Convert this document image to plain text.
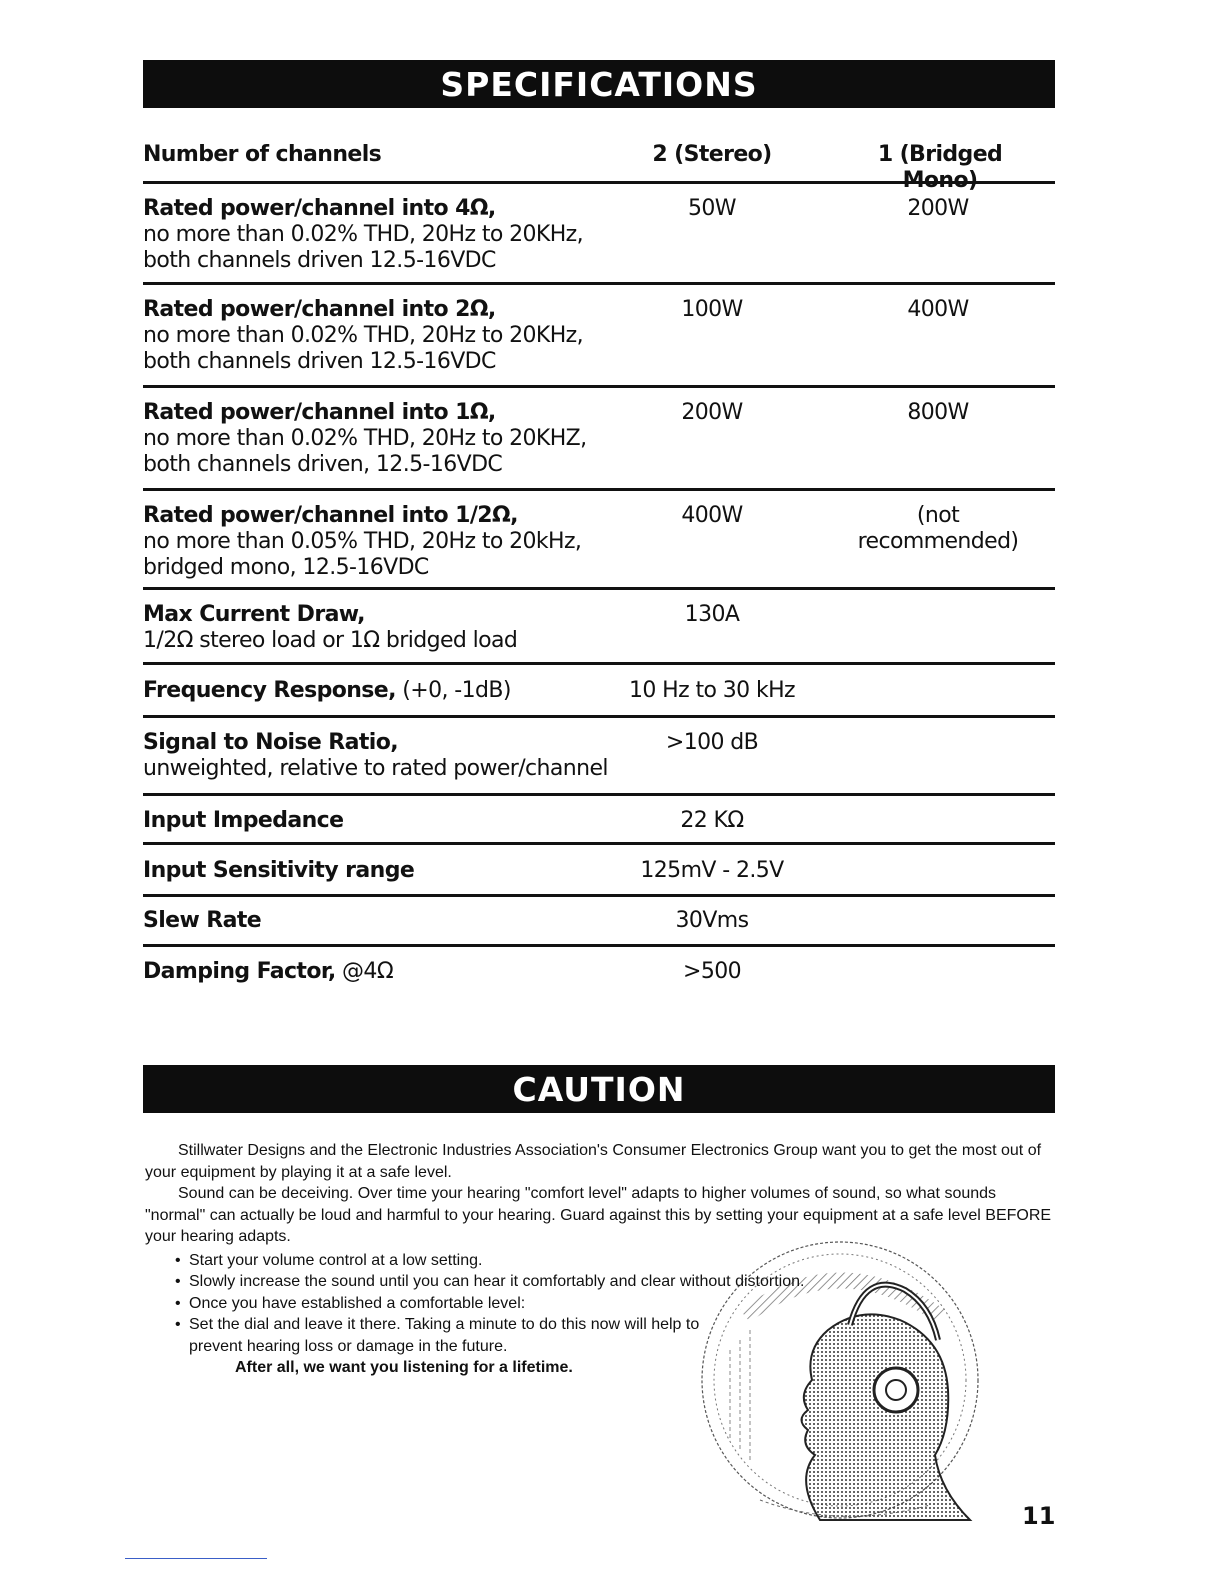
SPECIFICATIONS
Number of channels	2 (Stereo)	1 (Bridged Mono)
Rated power/channel into 4Ω,
no more than 0.02% THD, 20Hz to 20KHz,
both channels driven 12.5-16VDC
50W	200W
Rated power/channel into 2Ω,
no more than 0.02% THD, 20Hz to 20KHz,
both channels driven 12.5-16VDC
100W	400W
Rated power/channel into 1Ω,
no more than 0.02% THD, 20Hz to 20KHZ,
both channels driven, 12.5-16VDC
200W	800W
Rated power/channel into 1/2Ω,
no more than 0.05% THD, 20Hz to 20kHz,
bridged mono, 12.5-16VDC
400W	(not recommended)
Max Current Draw,
1/2Ω stereo load or 1Ω bridged load
130A
Frequency Response, (+0, -1dB)	10 Hz to 30 kHz
Signal to Noise Ratio,
unweighted, relative to rated power/channel
>100 dB
Input Impedance	22 KΩ
Input Sensitivity range	125mV - 2.5V
Slew Rate	30Vms
Damping Factor, @4Ω	>500
CAUTION

Stillwater Designs and the Electronic Industries Association's Consumer Electronics Group want you to get the most out of your equipment by playing it at a safe level.

Sound can be deceiving. Over time your hearing "comfort level" adapts to higher volumes of sound, so what sounds "normal" can actually be loud and harmful to your hearing. Guard against this by setting your equipment at a safe level BEFORE your hearing adapts.

• Start your volume control at a low setting.
• Slowly increase the sound until you can hear it comfortably and clear without distortion.
• Once you have established a comfortable level:
• Set the dial and leave it there. Taking a minute to do this now will help to prevent hearing loss or damage in the future.
After all, we want you listening for a lifetime.
11
